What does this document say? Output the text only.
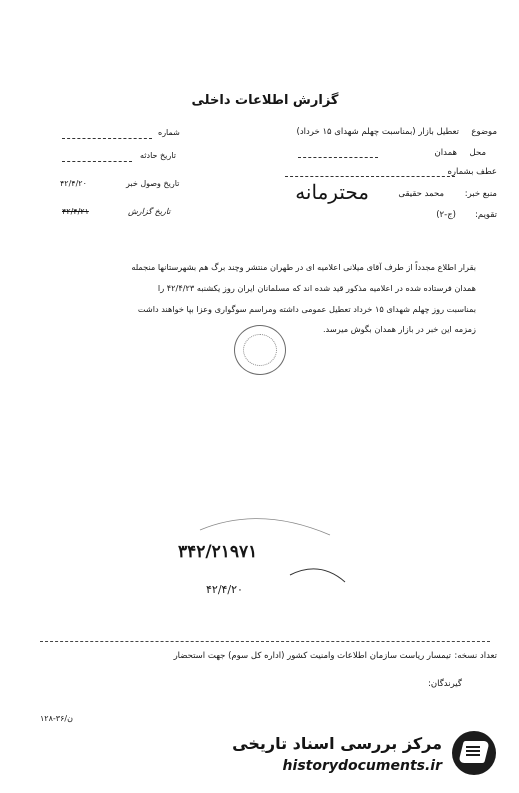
گزارش اطلاعات داخلی
موضوع
تعطیل بازار (بمناسبت چهلم شهدای ۱۵ خرداد)
محل
همدان
عطف بشماره
منبع خبر:
محمد حقیقی
محترمانه
تقویم:
(ج-۲)
شماره
تاریخ حادثه
۴۲/۴/۲۰	تاریخ وصول خبر
۴۲/۴/۲۱	تاریخ گزارش
بقرار اطلاع مجدداً از طرف آقای میلانی اعلامیه ای در طهران منتشر وچند برگ هم بشهرستانها منجمله
همدان فرستاده شده در اعلامیه مذکور قید شده اند که مسلمانان ایران روز یکشنبه ۴۲/۴/۲۳ را
بمناسبت روز چهلم شهدای ۱۵ خرداد تعطیل عمومی داشته ومراسم سوگواری وعزا بپا خواهند داشت
زمزمه این خبر در بازار همدان بگوش میرسد.
۳۴۲/۲۱۹۷۱
۴۲/۴/۲۰
تعداد نسخه:
تیمسار ریاست سازمان اطلاعات وامنیت کشور (اداره کل سوم) جهت استحضار
گیرندگان:
۱۲۸-۳۶/ن
مرکز بررسی اسناد تاریخی
historydocuments.ir
